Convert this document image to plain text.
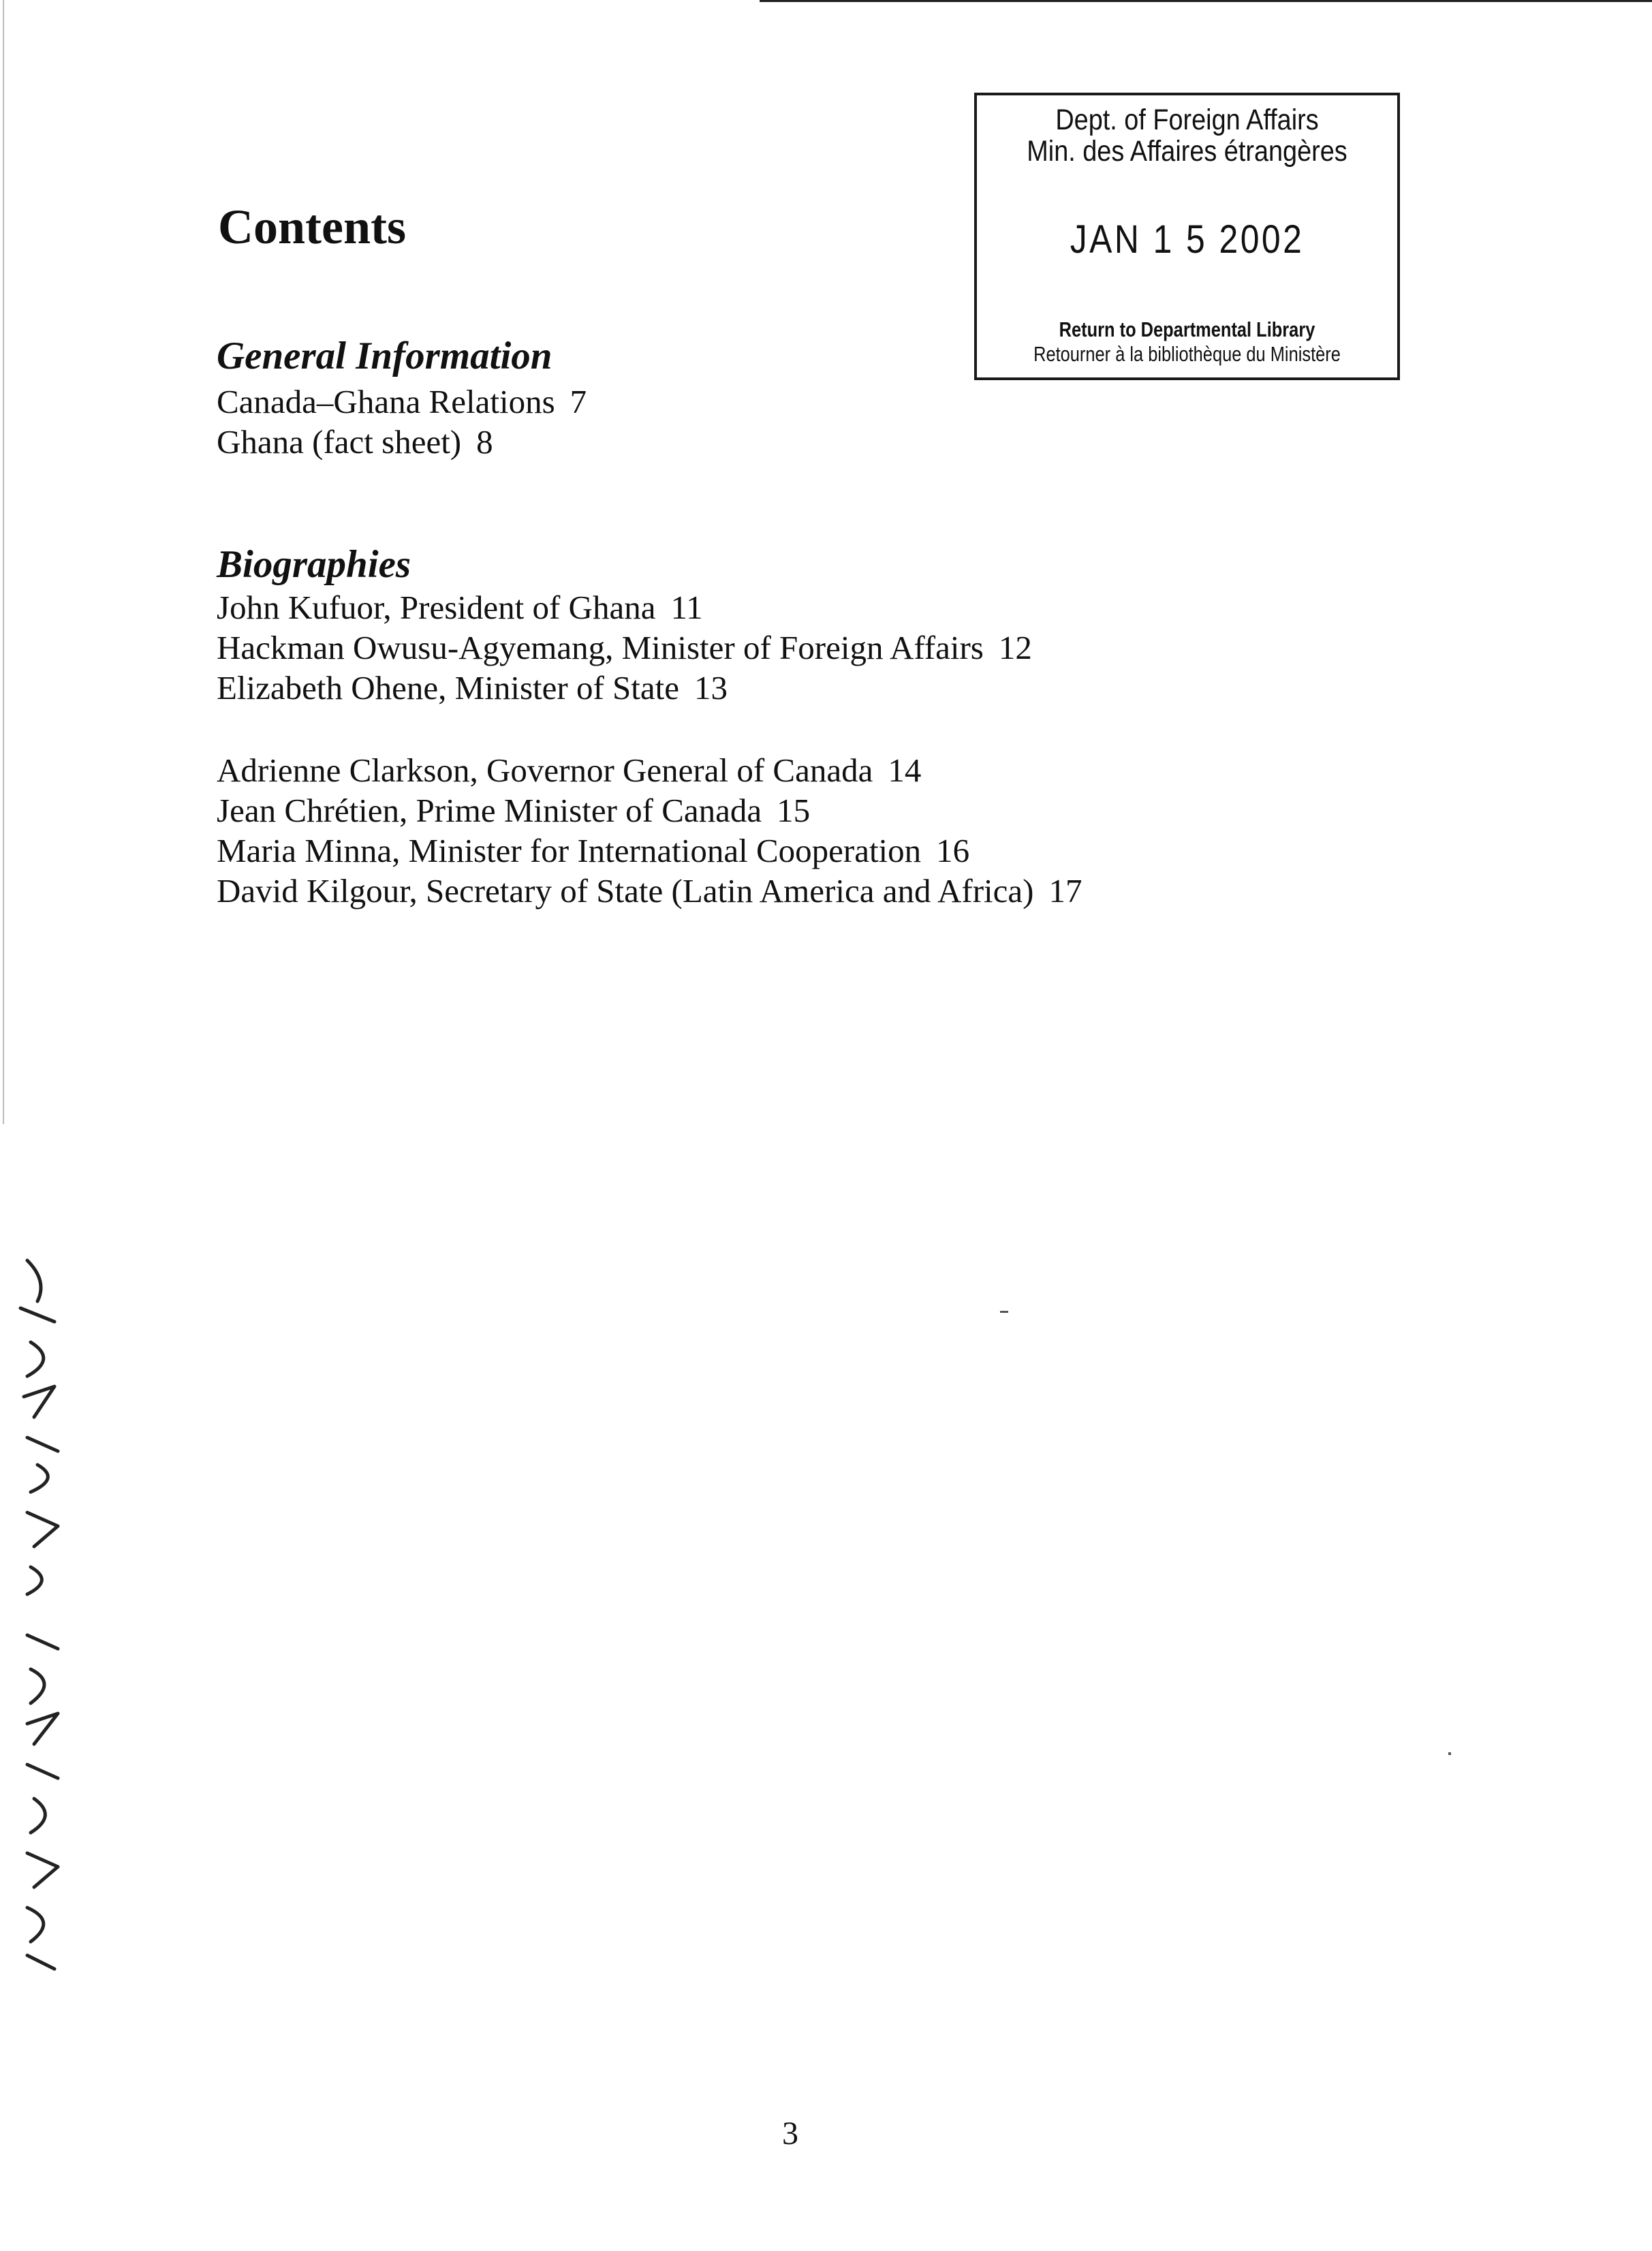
Contents
Dept. of Foreign Affairs
Min. des Affaires étrangères
JAN 1 5 2002
Return to Departmental Library
Retourner à la bibliothèque du Ministère
General Information
Canada–Ghana Relations 7
Ghana (fact sheet) 8
Biographies
John Kufuor, President of Ghana 11
Hackman Owusu-Agyemang, Minister of Foreign Affairs 12
Elizabeth Ohene, Minister of State 13
Adrienne Clarkson, Governor General of Canada 14
Jean Chrétien, Prime Minister of Canada 15
Maria Minna, Minister for International Cooperation 16
David Kilgour, Secretary of State (Latin America and Africa) 17
3
